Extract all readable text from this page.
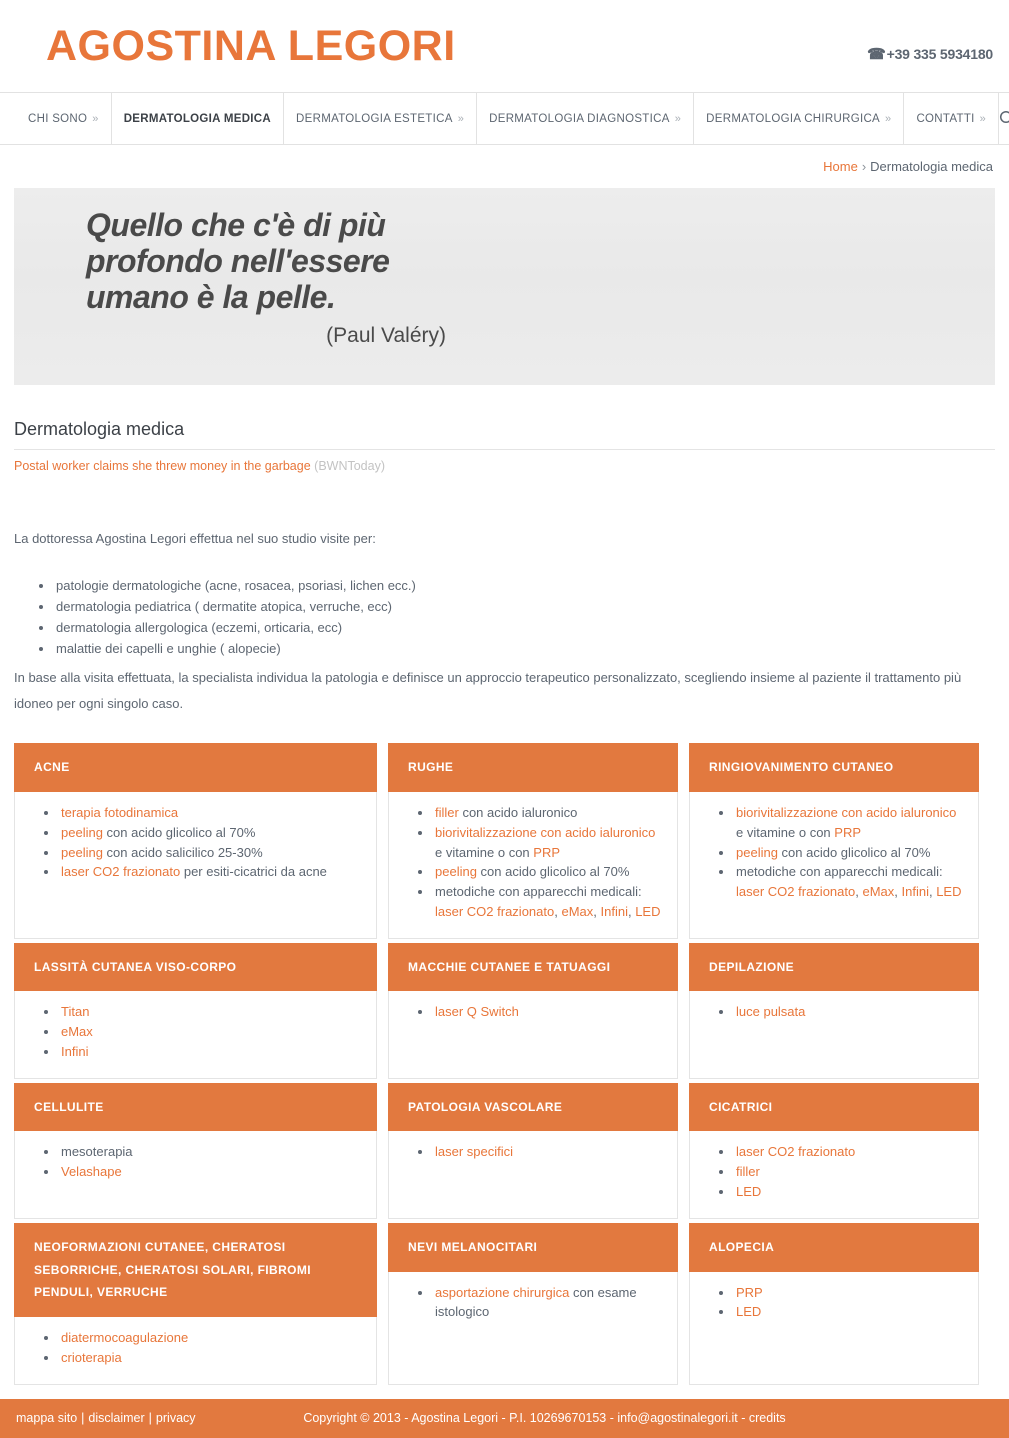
AGOSTINA LEGORI	☎+39 335 5934180
CHI SONO » DERMATOLOGIA MEDICA DERMATOLOGIA ESTETICA » DERMATOLOGIA DIAGNOSTICA » DERMATOLOGIA CHIRURGICA » CONTATTI »
Home › Dermatologia medica
Quello che c'è di più profondo nell'essere umano è la pelle.
(Paul Valéry)
Dermatologia medica
Postal worker claims she threw money in the garbage (BWNToday)

La dottoressa Agostina Legori effettua nel suo studio visite per:

• patologie dermatologiche (acne, rosacea, psoriasi, lichen ecc.)
• dermatologia pediatrica ( dermatite atopica, verruche, ecc)
• dermatologia allergologica (eczemi, orticaria, ecc)
• malattie dei capelli e unghie ( alopecie)

In base alla visita effettuata, la specialista individua la patologia e definisce un approccio terapeutico personalizzato, scegliendo insieme al paziente il trattamento più idoneo per ogni singolo caso.

ACNE
• terapia fotodinamica
• peeling con acido glicolico al 70%
• peeling con acido salicilico 25-30%
• laser CO2 frazionato per esiti-cicatrici da acne
RUGHE
• filler con acido ialuronico
• biorivitalizzazione con acido ialuronico e vitamine o con PRP
• peeling con acido glicolico al 70%
• metodiche con apparecchi medicali: laser CO2 frazionato, eMax, Infini, LED
RINGIOVANIMENTO CUTANEO
• biorivitalizzazione con acido ialuronico e vitamine o con PRP
• peeling con acido glicolico al 70%
• metodiche con apparecchi medicali: laser CO2 frazionato, eMax, Infini, LED
LASSITÀ CUTANEA VISO-CORPO
• Titan
• eMax
• Infini
MACCHIE CUTANEE E TATUAGGI
• laser Q Switch
DEPILAZIONE
• luce pulsata
CELLULITE
• mesoterapia
• Velashape
PATOLOGIA VASCOLARE
• laser specifici
CICATRICI
• laser CO2 frazionato
• filler
• LED
NEOFORMAZIONI CUTANEE, CHERATOSI SEBORRICHE, CHERATOSI SOLARI, FIBROMI PENDULI, VERRUCHE
• diatermocoagulazione
• crioterapia
NEVI MELANOCITARI
• asportazione chirurgica con esame istologico
ALOPECIA
• PRP
• LED
Copyright © 2013 - Agostina Legori - P.I. 10269670153 - info@agostinalegori.it - credits
mappa sito | disclaimer | privacy
